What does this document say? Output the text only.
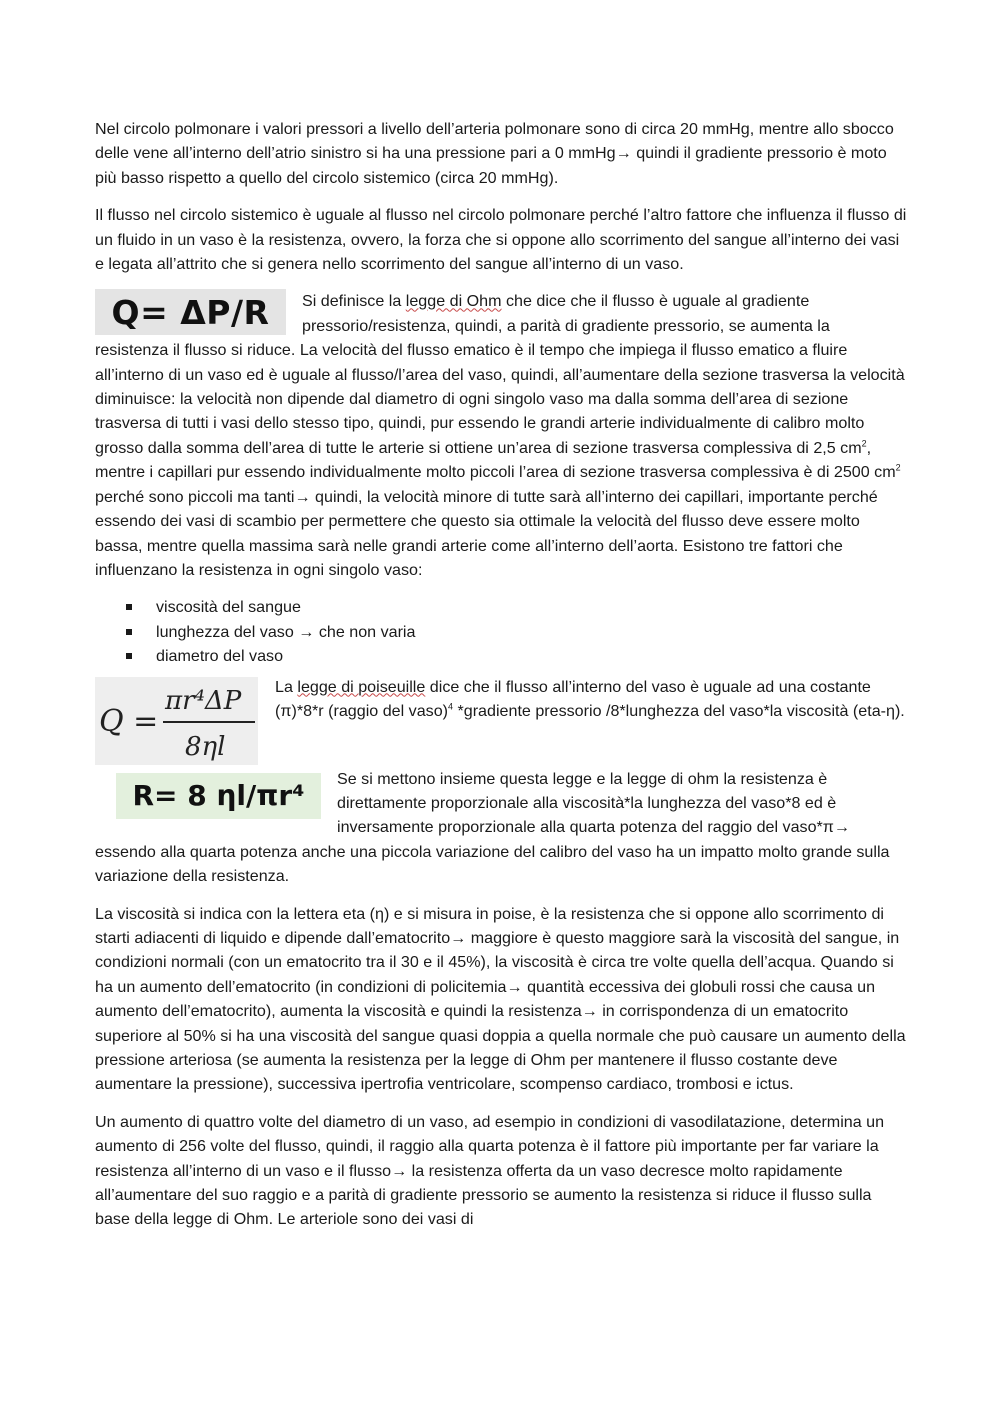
Nel circolo polmonare i valori pressori a livello dell’arteria polmonare sono di circa 20 mmHg, mentre allo sbocco delle vene all’interno dell’atrio sinistro si ha una pressione pari a 0 mmHg→ quindi il gradiente pressorio è moto più basso rispetto a quello del circolo sistemico (circa 20 mmHg).

Il flusso nel circolo sistemico è uguale al flusso nel circolo polmonare perché l’altro fattore che influenza il flusso di un fluido in un vaso è la resistenza, ovvero, la forza che si oppone allo scorrimento del sangue all’interno dei vasi e legata all’attrito che si genera nello scorrimento del sangue all’interno di un vaso.

Q= ΔP/R	Si definisce la legge di Ohm che dice che il flusso è uguale al gradiente pressorio/resistenza, quindi, a parità di gradiente pressorio, se aumenta la resistenza il flusso si riduce. La velocità del flusso ematico è il tempo che impiega il flusso ematico a fluire all’interno di un vaso ed è uguale al flusso/l’area del vaso, quindi, all’aumentare della sezione trasversa la velocità diminuisce: la velocità non dipende dal diametro di ogni singolo vaso ma dalla somma dell’area di sezione trasversa di tutti i vasi dello stesso tipo, quindi, pur essendo le grandi arterie individualmente di calibro molto grosso dalla somma dell’area di tutte le arterie si ottiene un’area di sezione trasversa complessiva di 2,5 $cm^2$, mentre i capillari pur essendo individualmente molto piccoli l’area di sezione trasversa complessiva è di 2500 $cm^2$ perché sono piccoli ma tanti→ quindi, la velocità minore di tutte sarà all’interno dei capillari, importante perché essendo dei vasi di scambio per permettere che questo sia ottimale la velocità del flusso deve essere molto bassa, mentre quella massima sarà nelle grandi arterie come all’interno dell’aorta. Esistono tre fattori che influenzano la resistenza in ogni singolo vaso:

viscosità del sangue
lunghezza del vaso → che non varia
diametro del vaso
Q =
πr⁴ΔP
8ηl

La legge di poiseuille dice che il flusso all’interno del vaso è uguale ad una costante (π)*8*r (raggio del vaso)$^4$ *gradiente pressorio /8*lunghezza del vaso*la viscosità (eta-η).

R= 8 ηl/πr⁴

Se si mettono insieme questa legge e la legge di ohm la resistenza è direttamente proporzionale alla viscosità*la lunghezza del vaso*8 ed è inversamente proporzionale alla quarta potenza del raggio del vaso*π→ essendo alla quarta potenza anche una piccola variazione del calibro del vaso ha un impatto molto grande sulla variazione della resistenza.

La viscosità si indica con la lettera eta (η) e si misura in poise, è la resistenza che si oppone allo scorrimento di starti adiacenti di liquido e dipende dall’ematocrito→ maggiore è questo maggiore sarà la viscosità del sangue, in condizioni normali (con un ematocrito tra il 30 e il 45%), la viscosità è circa tre volte quella dell’acqua. Quando si ha un aumento dell’ematocrito (in condizioni di policitemia→ quantità eccessiva dei globuli rossi che causa un aumento dell’ematocrito), aumenta la viscosità e quindi la resistenza→ in corrispondenza di un ematocrito superiore al 50% si ha una viscosità del sangue quasi doppia a quella normale che può causare un aumento della pressione arteriosa (se aumenta la resistenza per la legge di Ohm per mantenere il flusso costante deve aumentare la pressione), successiva ipertrofia ventricolare, scompenso cardiaco, trombosi e ictus.

Un aumento di quattro volte del diametro di un vaso, ad esempio in condizioni di vasodilatazione, determina un aumento di 256 volte del flusso, quindi, il raggio alla quarta potenza è il fattore più importante per far variare la resistenza all’interno di un vaso e il flusso→ la resistenza offerta da un vaso decresce molto rapidamente all’aumentare del suo raggio e a parità di gradiente pressorio se aumento la resistenza si riduce il flusso sulla base della legge di Ohm. Le arteriole sono dei vasi di
